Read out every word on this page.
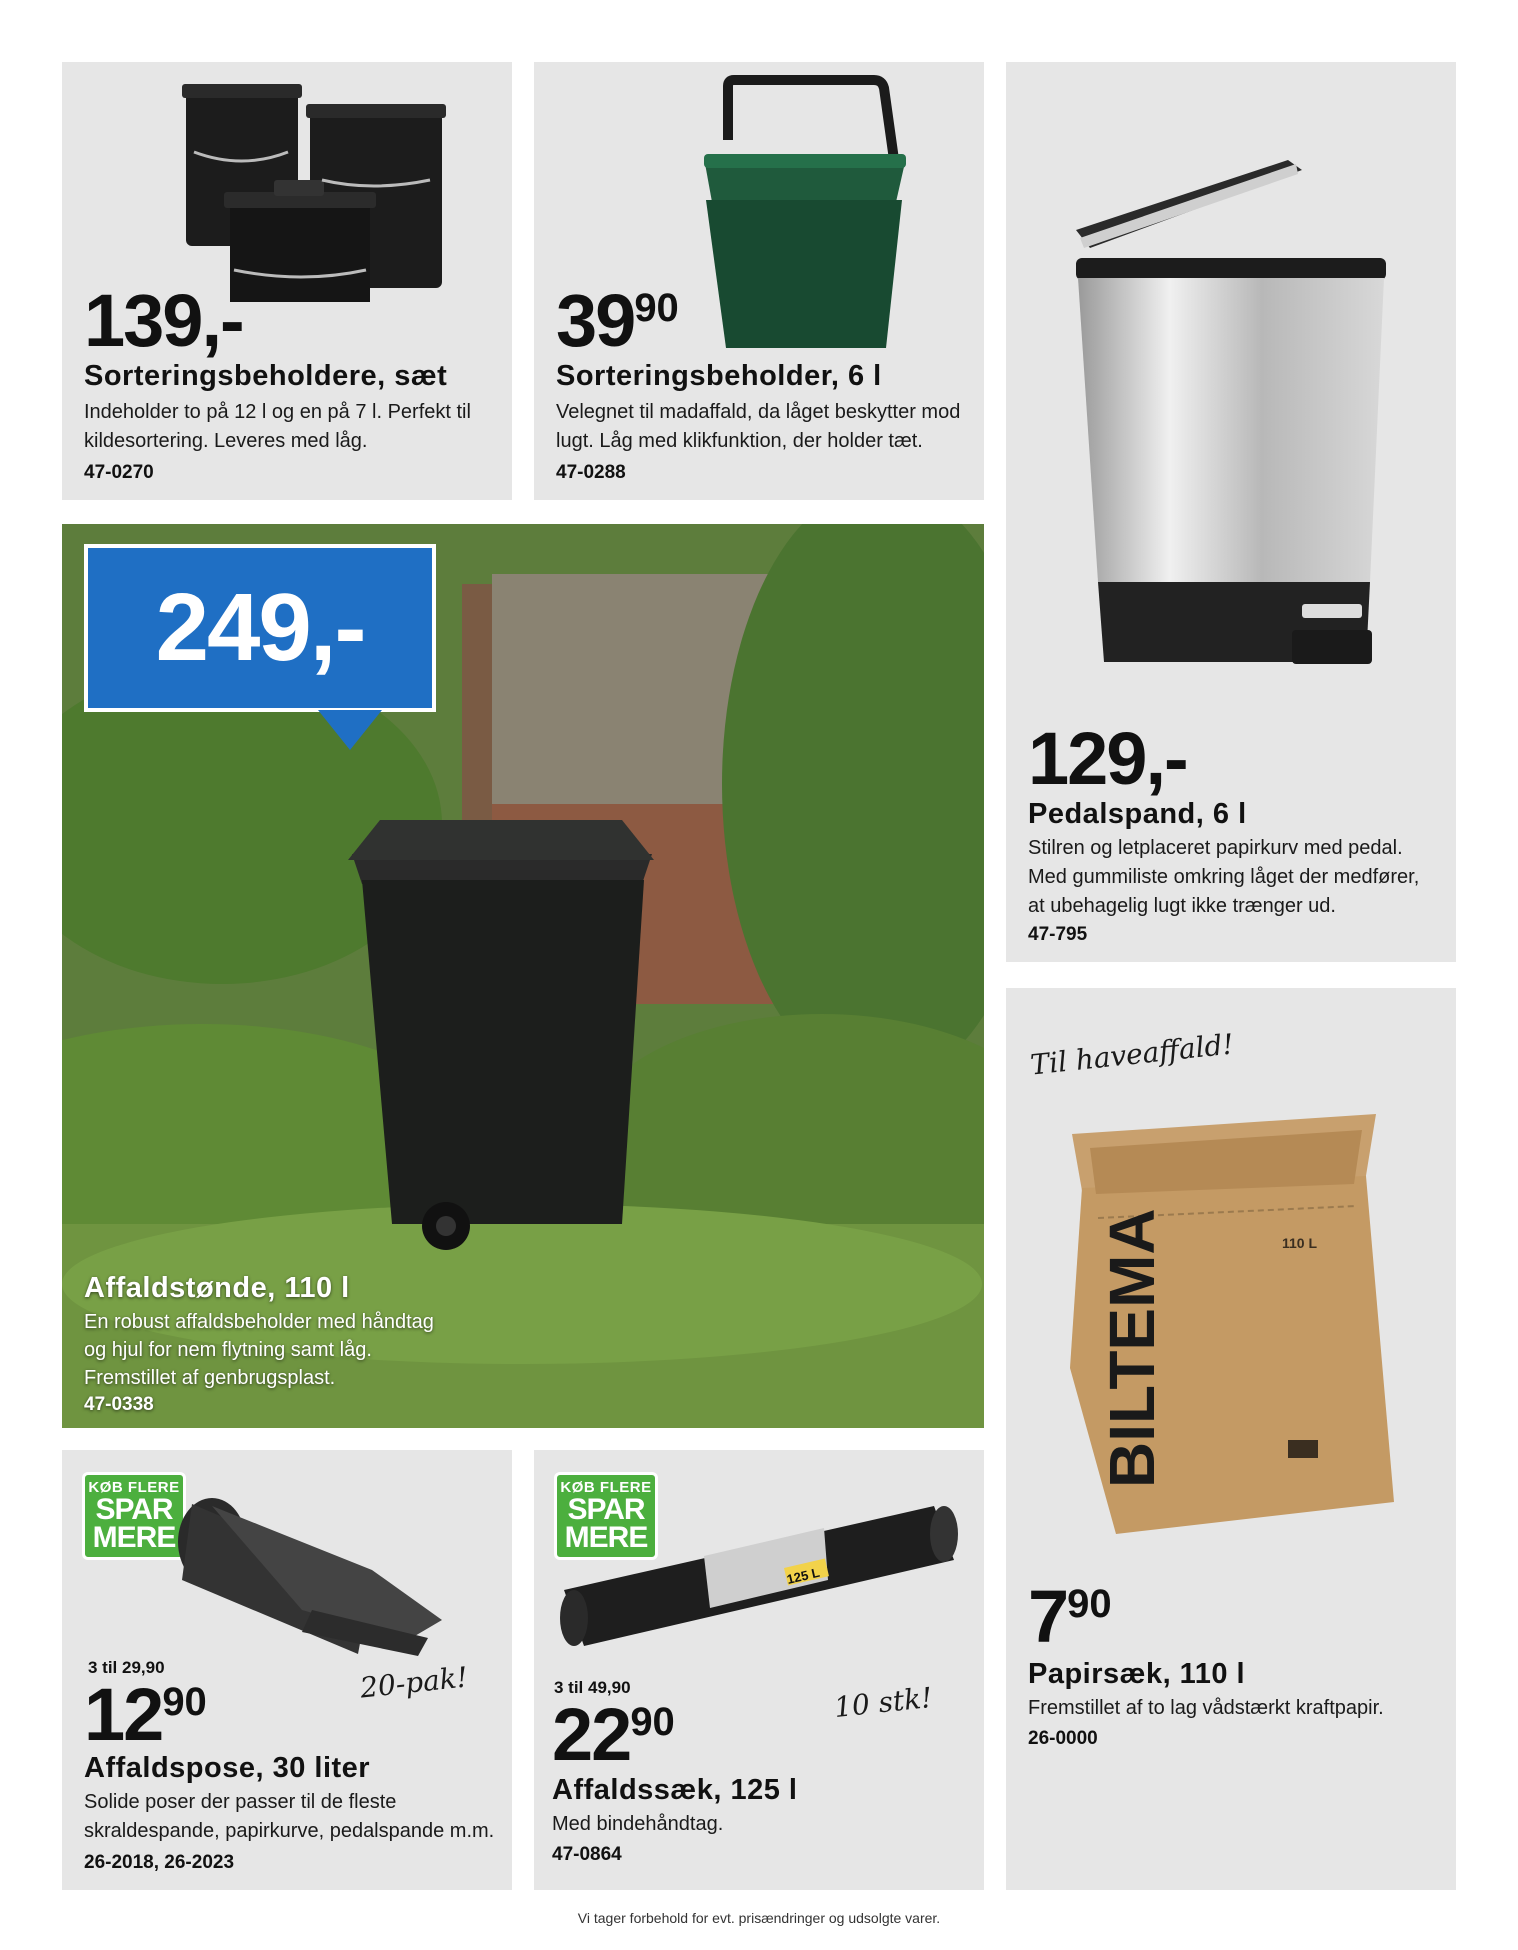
139,-
Sorteringsbeholdere, sæt
Indeholder to på 12 l og en på 7 l. Perfekt til
kildesortering. Leveres med låg.
47-0270
3990
Sorteringsbeholder, 6 l
Velegnet til madaffald, da låget beskytter mod
lugt. Låg med klikfunktion, der holder tæt.
47-0288
129,-
Pedalspand, 6 l
Stilren og letplaceret papirkurv med pedal.
Med gummiliste omkring låget der medfører,
at ubehagelig lugt ikke trænger ud.
47-795
249,-
Affaldstønde, 110 l
En robust affaldsbeholder med håndtag
og hjul for nem flytning samt låg.
Fremstillet af genbrugsplast.
47-0338
KØB FLERE
SPAR
MERE
3 til 29,90	20-pak!
1290
Affaldspose, 30 liter
Solide poser der passer til de fleste
skraldespande, papirkurve, pedalspande m.m.
26-2018, 26-2023
KØB FLERE
SPAR
MERE
125 L
10 stk!
3 til 49,90
2290
Affaldssæk, 125 l
Med bindehåndtag.
47-0864
Til haveaffald!
BILTEMA	110 L
790
Papirsæk, 110 l
Fremstillet af to lag vådstærkt kraftpapir.
26-0000
Vi tager forbehold for evt. prisændringer og udsolgte varer.
